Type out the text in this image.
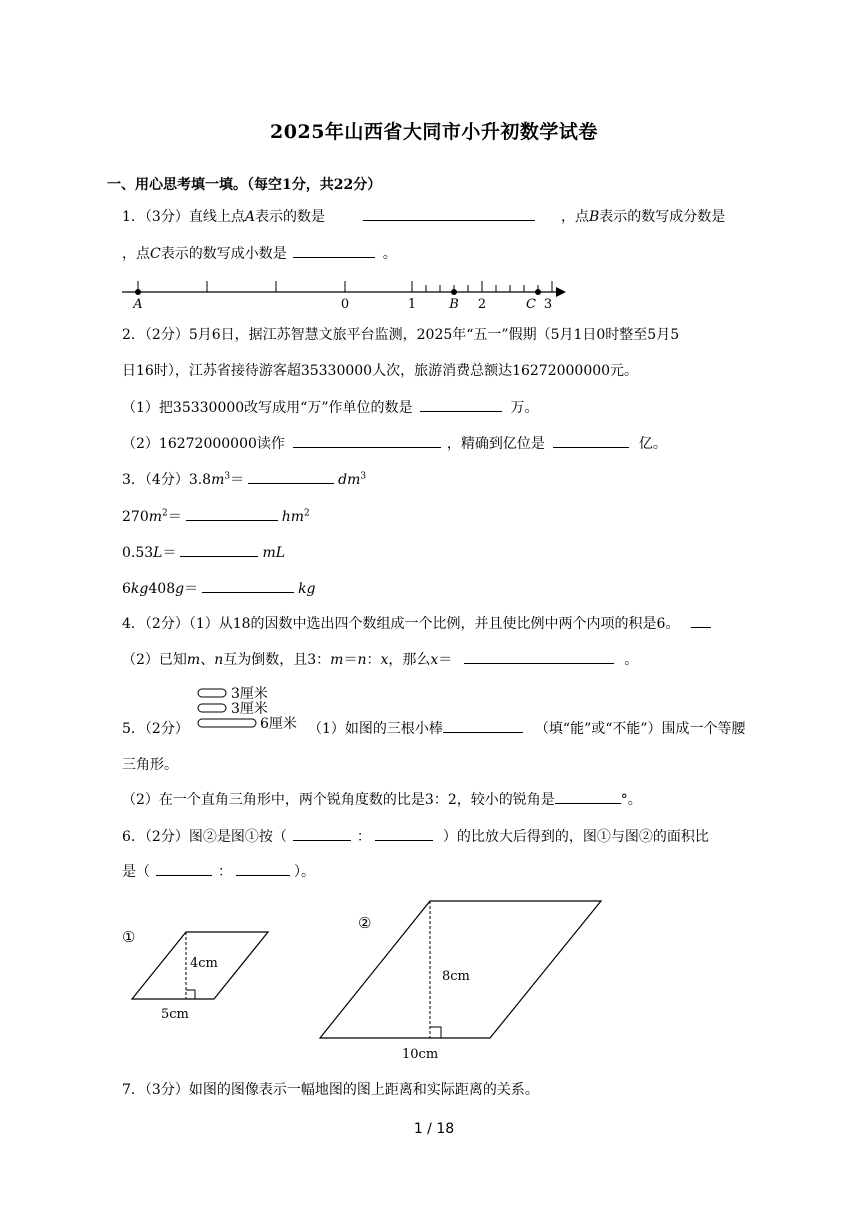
2025年山西省大同市小升初数学试卷
一、用心思考填一填。（每空1分，共22分）
1．（3分）直线上点A表示的数是	，点B表示的数写成分数是
，点C表示的数写成小数是	。
A	0	1	B 2	C 3
2．（2分）5月6日，据江苏智慧文旅平台监测，2025年“五一”假期（5月1日0时整至5月5
日16时），江苏省接待游客超35330000人次，旅游消费总额达16272000000元。
（1）把35330000改写成用“万”作单位的数是	万。
（2）16272000000读作	，精确到亿位是	亿。
3．（4分）$3.8m^3=$	$dm^3$
$270m^2=$	$hm^2$
0.53L＝	mL
6kg408g＝	kg
4．（2分）（1）从18的因数中选出四个数组成一个比例，并且使比例中两个内项的积是6。
（2）已知m、n互为倒数，且3：m＝n：x，那么x＝	。
3厘米
3厘米
6厘米
5．（2分）	（1）如图的三根小棒	（填“能”或“不能”）围成一个等腰
三角形。
（2）在一个直角三角形中，两个锐角度数的比是3：2，较小的锐角是	°。
6．（2分）图②是图①按（	：	）的比放大后得到的，图①与图②的面积比
是（	：	）。
①
4cm
5cm
②
8cm
10cm
7．（3分）如图的图像表示一幅地图的图上距离和实际距离的关系。
1 / 18
